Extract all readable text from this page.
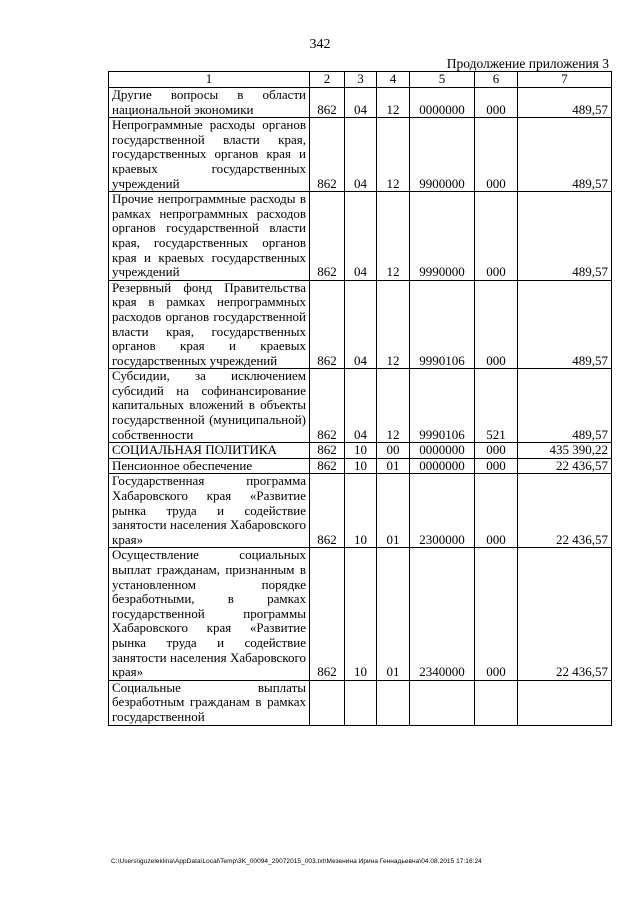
342
Продолжение приложения 3
1	2	3	4	5	6	7
Другие вопросы в области национальной экономики	862	04	12	0000000	000	489,57
Непрограммные расходы органов государственной власти края, государственных органов края и краевых государственных учреждений	862	04	12	9900000	000	489,57
Прочие непрограммные расходы в рамках непрограммных расходов органов государственной власти края, государственных органов края и краевых государственных учреждений	862	04	12	9990000	000	489,57
Резервный фонд Правительства края в рамках непрограммных расходов органов государственной власти края, государственных органов края и краевых государственных учреждений	862	04	12	9990106	000	489,57
Субсидии, за исключением субсидий на софинансирование капитальных вложений в объекты государственной (муниципальной) собственности	862	04	12	9990106	521	489,57
СОЦИАЛЬНАЯ ПОЛИТИКА	862	10	00	0000000	000	435 390,22
Пенсионное обеспечение	862	10	01	0000000	000	22 436,57
Государственная программа Хабаровского края «Развитие рынка труда и содействие занятости населения Хабаровского края»	862	10	01	2300000	000	22 436,57
Осуществление социальных выплат гражданам, признанным в установленном порядке безработными, в рамках государственной программы Хабаровского края «Развитие рынка труда и содействие занятости населения Хабаровского края»	862	10	01	2340000	000	22 436,57
Социальные выплаты безработным гражданам в рамках государственной						
C:\Users\iguzeleklina\AppData\Local\Temp\3K_00094_29072015_003.txt\Мезенина Ирина Геннадьевна\04.08.2015 17:16:24
